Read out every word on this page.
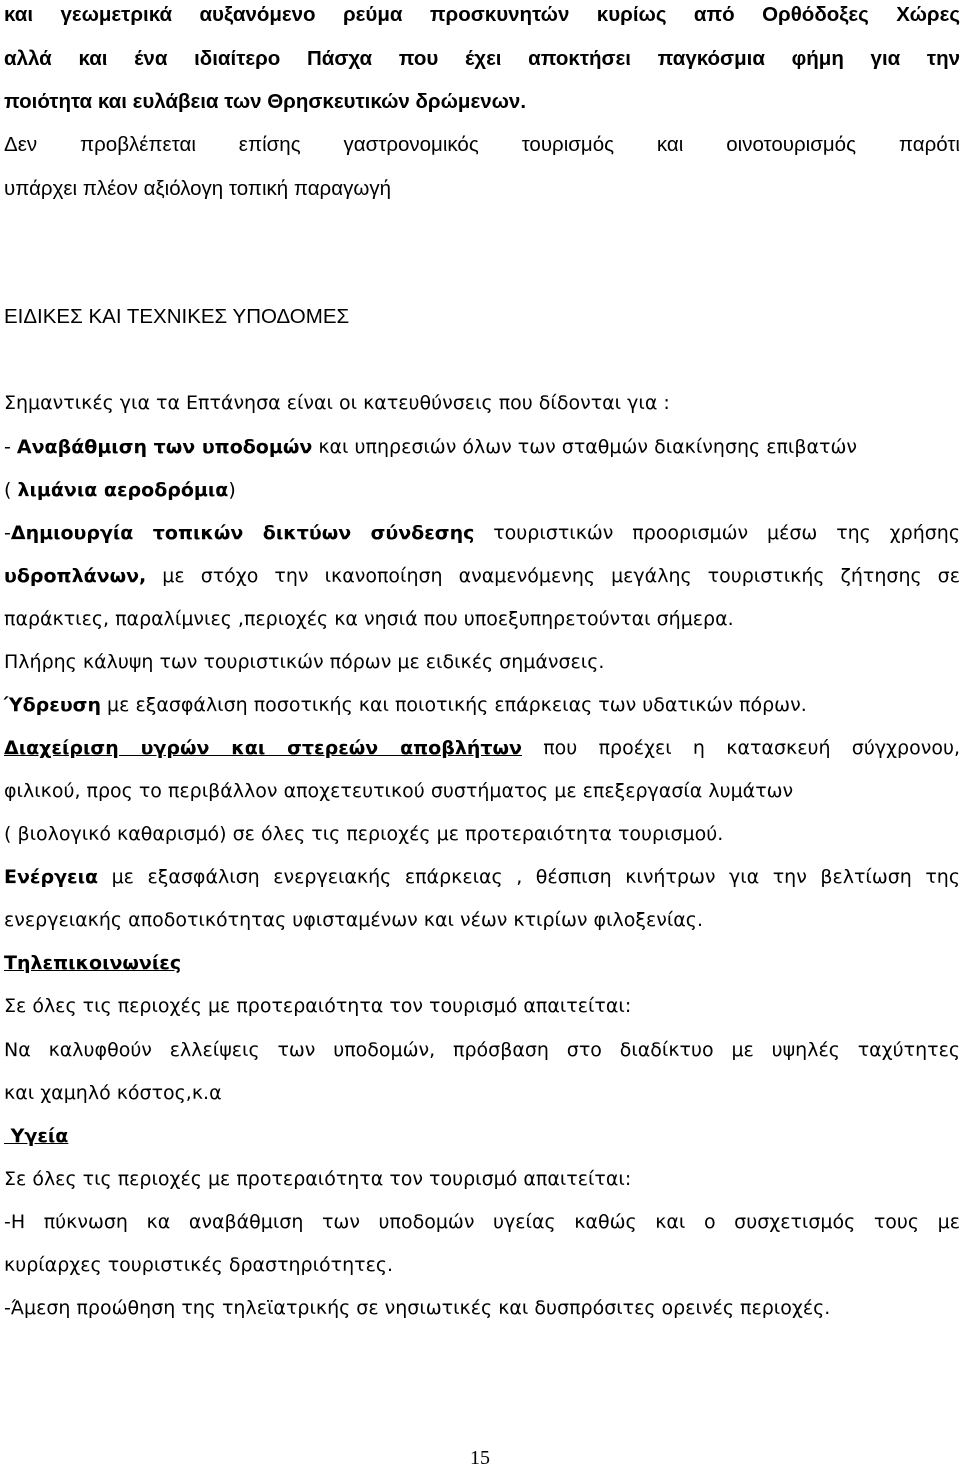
και γεωμετρικά αυξανόμενο ρεύμα προσκυνητών κυρίως από Ορθόδοξες Χώρες
αλλά και ένα ιδιαίτερο Πάσχα που έχει αποκτήσει παγκόσμια φήμη για την
ποιότητα και ευλάβεια των Θρησκευτικών δρώμενων.
Δεν προβλέπεται επίσης γαστρονομικός τουρισμός και οινοτουρισμός παρότι
υπάρχει πλέον αξιόλογη τοπική παραγωγή
ΕΙΔΙΚΕΣ ΚΑΙ ΤΕΧΝΙΚΕΣ ΥΠΟΔΟΜΕΣ
Σημαντικές για τα Επτάνησα είναι οι κατευθύνσεις που δίδονται για :
- Αναβάθμιση των υποδομών και υπηρεσιών όλων των σταθμών διακίνησης επιβατών
( λιμάνια αεροδρόμια)
-Δημιουργία τοπικών δικτύων σύνδεσης τουριστικών προορισμών μέσω της χρήσης
υδροπλάνων, με στόχο την ικανοποίηση αναμενόμενης μεγάλης τουριστικής ζήτησης σε
παράκτιες, παραλίμνιες ,περιοχές κα νησιά που υποεξυπηρετούνται σήμερα.
Πλήρης κάλυψη των τουριστικών πόρων με ειδικές σημάνσεις.
Ύδρευση με εξασφάλιση ποσοτικής και ποιοτικής επάρκειας των υδατικών πόρων.
Διαχείριση υγρών και στερεών αποβλήτων που προέχει η κατασκευή σύγχρονου,
φιλικού, προς το περιβάλλον αποχετευτικού συστήματος με επεξεργασία λυμάτων
( βιολογικό καθαρισμό) σε όλες τις περιοχές με προτεραιότητα τουρισμού.
Ενέργεια με εξασφάλιση ενεργειακής επάρκειας , θέσπιση κινήτρων για την βελτίωση της
ενεργειακής αποδοτικότητας υφισταμένων και νέων κτιρίων φιλοξενίας.
Τηλεπικοινωνίες
Σε όλες τις περιοχές με προτεραιότητα τον τουρισμό απαιτείται:
Να καλυφθούν ελλείψεις των υποδομών, πρόσβαση στο διαδίκτυο με υψηλές ταχύτητες
και χαμηλό κόστος,κ.α
Υγεία
Σε όλες τις περιοχές με προτεραιότητα τον τουρισμό απαιτείται:
-Η πύκνωση κα αναβάθμιση των υποδομών υγείας καθώς και ο συσχετισμός τους με
κυρίαρχες τουριστικές δραστηριότητες.
-Άμεση προώθηση της τηλεϊατρικής σε νησιωτικές και δυσπρόσιτες ορεινές περιοχές.
15
